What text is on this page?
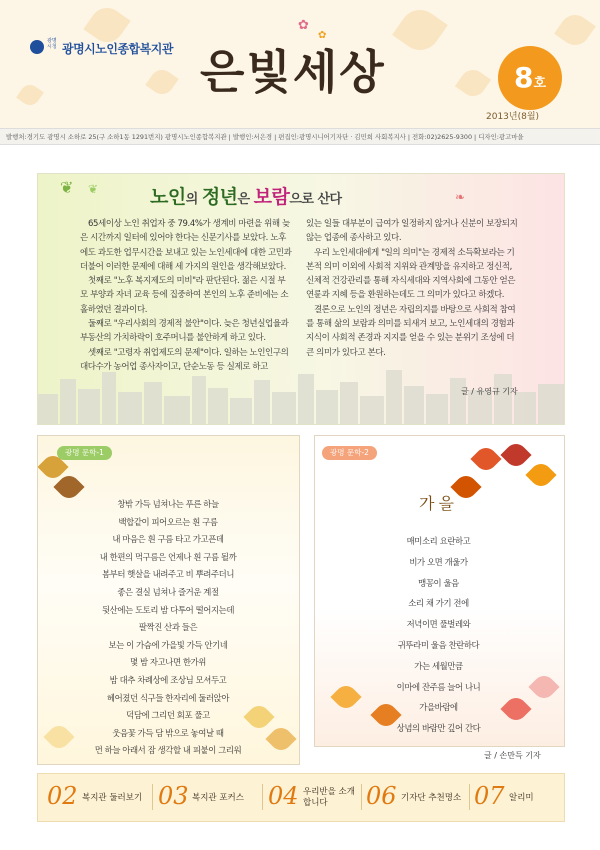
광명 시청 광명시노인종합복지관
✿
✿
은빛세상	8호
2013년(8월)
발행처:경기도 광명시 소하로 25(구 소하1동 1291번지) 광명시노인종합복지관 | 발행인:서은경 | 편집인:광명시니어기자단 · 김민희 사회복지사 | 전화:02)2625-9300 | 디자인:광고마을
❦ ❦
❧
노인의 정년은 보람으로 산다

65세이상 노인 취업자 중 79.4%가 생계비 마련을 위해 늦은 시간까지 일터에 있어야 한다는 신문기사를 보았다. 노후에도 과도한 업무시간을 보내고 있는 노인세대에 대한 고민과 더불어 이러한 문제에 대해 세 가지의 원인을 생각해보았다.

첫째로 "노후 복지제도의 미비"라 판단된다. 젊은 시절 부모 부양과 자녀 교육 등에 집중하여 본인의 노후 준비에는 소홀하였던 결과이다.

둘째로 "우리사회의 경제적 불안"이다. 늦은 청년실업율과 부동산의 가치하락이 호주머니를 불안하게 하고 있다.

셋째로 "고령자 취업제도의 문제"이다. 일하는 노인인구의 대다수가 농어업 종사자이고, 단순노동 등 실제로 하고

있는 일들 대부분이 급여가 일정하지 않거나 신분이 보장되지 않는 업종에 종사하고 있다.

우리 노인세대에게 "일의 의미"는 경제적 소득확보라는 기본적 의미 이외에 사회적 지위와 관계망을 유지하고 정신적, 신체적 건강관리를 통해 자식세대와 지역사회에 그동안 얻은 연륜과 지혜 등을 환원하는데도 그 의미가 있다고 하겠다.

결론으로 노인의 정년은 자립의지를 바탕으로 사회적 참여를 통해 삶의 보람과 의미를 되새겨 보고, 노인세대의 경험과 지식이 사회적 존경과 지지를 얻을 수 있는 분위기 조성에 더 큰 의미가 있다고 본다.

글 / 유영규 기자
광명 문학-1
창밖 가득 넘쳐나는 푸른 하늘
백합같이 피어오르는 흰 구름
내 마음은 흰 구름 타고 가고픈데
내 한편의 먹구름은 언제나 흰 구름 될까
봄부터 햇살을 내려주고 비 뿌려주더니
좋은 결실 넘쳐나 즐거운 계절
뒷산에는 도토리 밤 다투어 떨어지는데
팔짝진 산과 들은
보는 이 가슴에 가을빛 가득 안기네
몇 밤 자고나면 한가위
밤 대추 차례상에 조상님 모셔두고
헤어졌던 식구들 한자리에 둘러앉아
덕담에 그리던 회포 풀고
웃음꽃 가득 담 밖으로 놓여날 때
먼 하늘 아래서 잠 생각할 내 피붙이 그리워
광명 문학-2
가을
매미소리 요란하고
비가 오면 개울가
맹꽁이 울음
소리 채 가기 전에
저녁이면 풀벌레와
귀뚜라미 울음 찬란하다
가는 세월만큼
이마에 잔주름 늘어 나니
가을바람에
상념의 바람만 깊어 간다
글 / 손만득 기자
02 복지관 둘러보기 03 복지관 포커스 04 우리반을 소개합니다	06 기자단 추천명소 07 알리미
